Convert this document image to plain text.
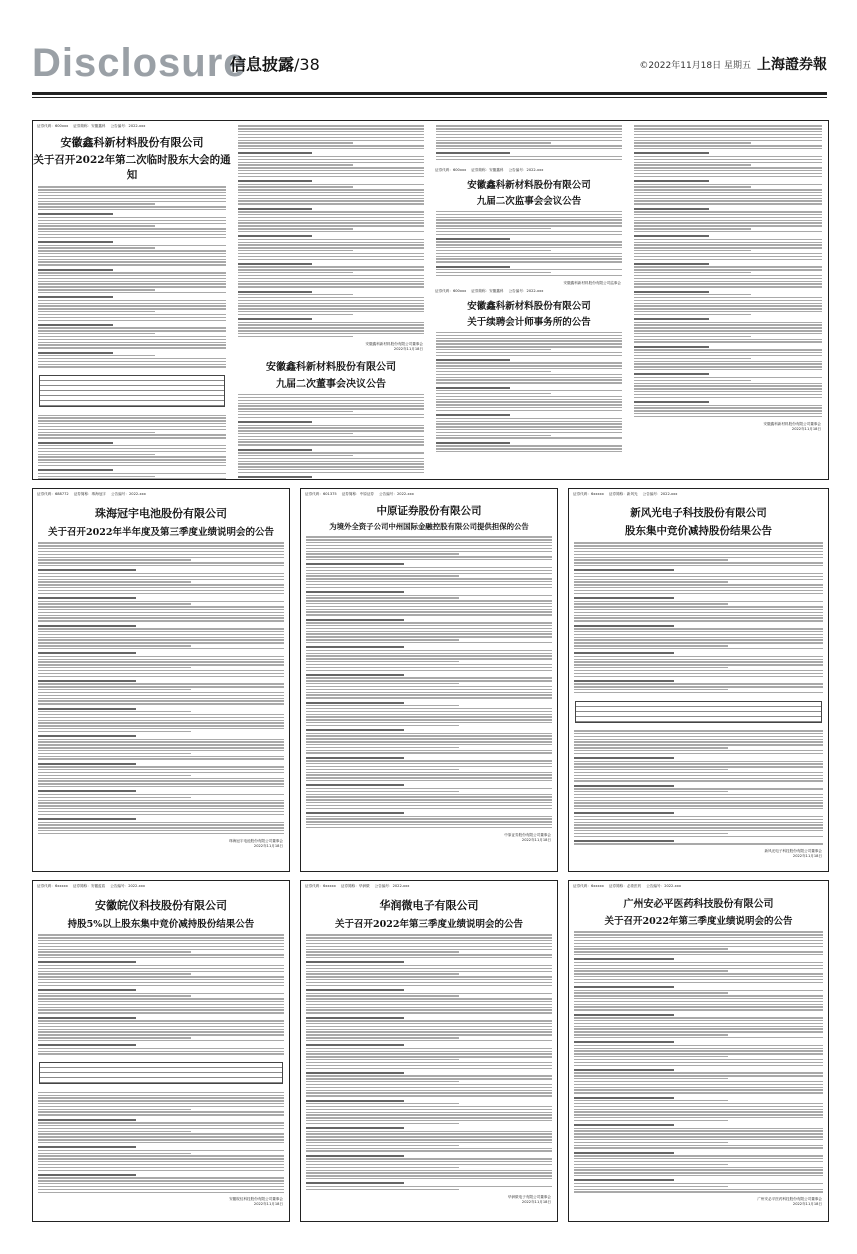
Disclosure
信息披露/38	©2022年11月18日 星期五 上海證券報
证券代码：600xxx 证券简称：安徽鑫科 公告编号：2022-xxx
安徽鑫科新材料股份有限公司
关于召开2022年第二次临时股东大会的通知
安徽鑫科新材料股份有限公司董事会
2022年11月18日
安徽鑫科新材料股份有限公司
九届二次董事会决议公告
证券代码：600xxx 证券简称：安徽鑫科 公告编号：2022-xxx
安徽鑫科新材料股份有限公司
九届二次监事会会议公告
安徽鑫科新材料股份有限公司监事会
证券代码：600xxx 证券简称：安徽鑫科 公告编号：2022-xxx
安徽鑫科新材料股份有限公司
关于续聘会计师事务所的公告
安徽鑫科新材料股份有限公司董事会
2022年11月18日
证券代码：688772 证券简称：珠海冠宇 公告编号：2022-xxx
珠海冠宇电池股份有限公司
关于召开2022年半年度及第三季度业绩说明会的公告
珠海冠宇电池股份有限公司董事会
2022年11月18日
证券代码：601375 证券简称：中原证券 公告编号：2022-xxx
中原证券股份有限公司
为境外全资子公司中州国际金融控股有限公司提供担保的公告
中原证券股份有限公司董事会
2022年11月18日
证券代码：6xxxxx 证券简称：新风光 公告编号：2022-xxx
新风光电子科技股份有限公司
股东集中竞价减持股份结果公告
新风光电子科技股份有限公司董事会
2022年11月18日
证券代码：6xxxxx 证券简称：安徽蓝盾 公告编号：2022-xxx
安徽皖仪科技股份有限公司
持股5%以上股东集中竞价减持股份结果公告
安徽皖仪科技股份有限公司董事会
2022年11月18日
证券代码：6xxxxx 证券简称：华润微 公告编号：2022-xxx
华润微电子有限公司
关于召开2022年第三季度业绩说明会的公告
华润微电子有限公司董事会
2022年11月18日
证券代码：6xxxxx 证券简称：必荼医药 公告编号：2022-xxx
广州安必平医药科技股份有限公司
关于召开2022年第三季度业绩说明会的公告
广州安必平医药科技股份有限公司董事会
2022年11月18日
